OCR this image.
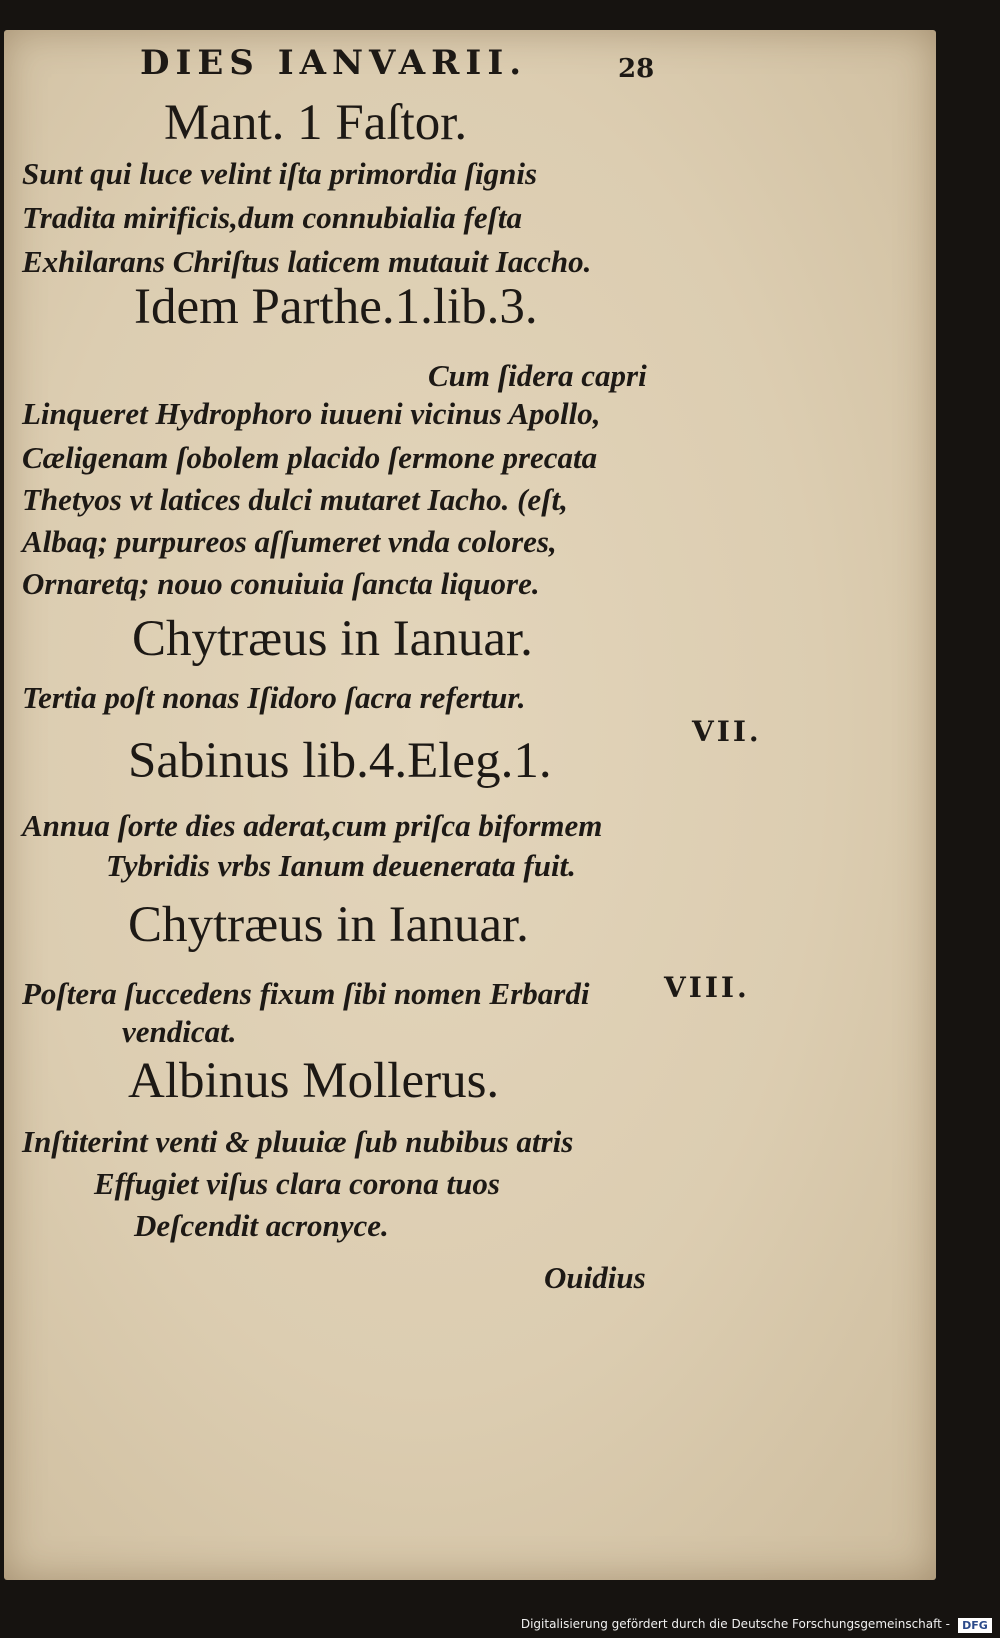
DIES IANVARII.	28
Mant. 1 Faſtor.
Sunt qui luce velint iſta primordia ſignis
Tradita mirificis,dum connubialia feſta
Exhilarans Chriſtus laticem mutauit Iaccho.
Idem Parthe.1.lib.3.
Cum ſidera capri
Linqueret Hydrophoro iuueni vicinus Apollo,
Cæligenam ſobolem placido ſermone precata
Thetyos vt latices dulci mutaret Iacho. (eſt,
Albaq; purpureos aſſumeret vnda colores,
Ornaretq; nouo conuiuia ſancta liquore.
Chytræus in Ianuar.
Tertia poſt nonas Iſidoro ſacra refertur.
VII.
Sabinus lib.4.Eleg.1.
Annua ſorte dies aderat,cum priſca biformem
Tybridis vrbs Ianum deuenerata fuit.
Chytræus in Ianuar.
Poſtera ſuccedens fixum ſibi nomen Erbardi	VIII.
vendicat.
Albinus Mollerus.
Inſtiterint venti & pluuiæ ſub nubibus atris
Effugiet viſus clara corona tuos
Deſcendit acronyce.
Ouidius
Digitalisierung gefördert durch die Deutsche Forschungsgemeinschaft -	DFG
